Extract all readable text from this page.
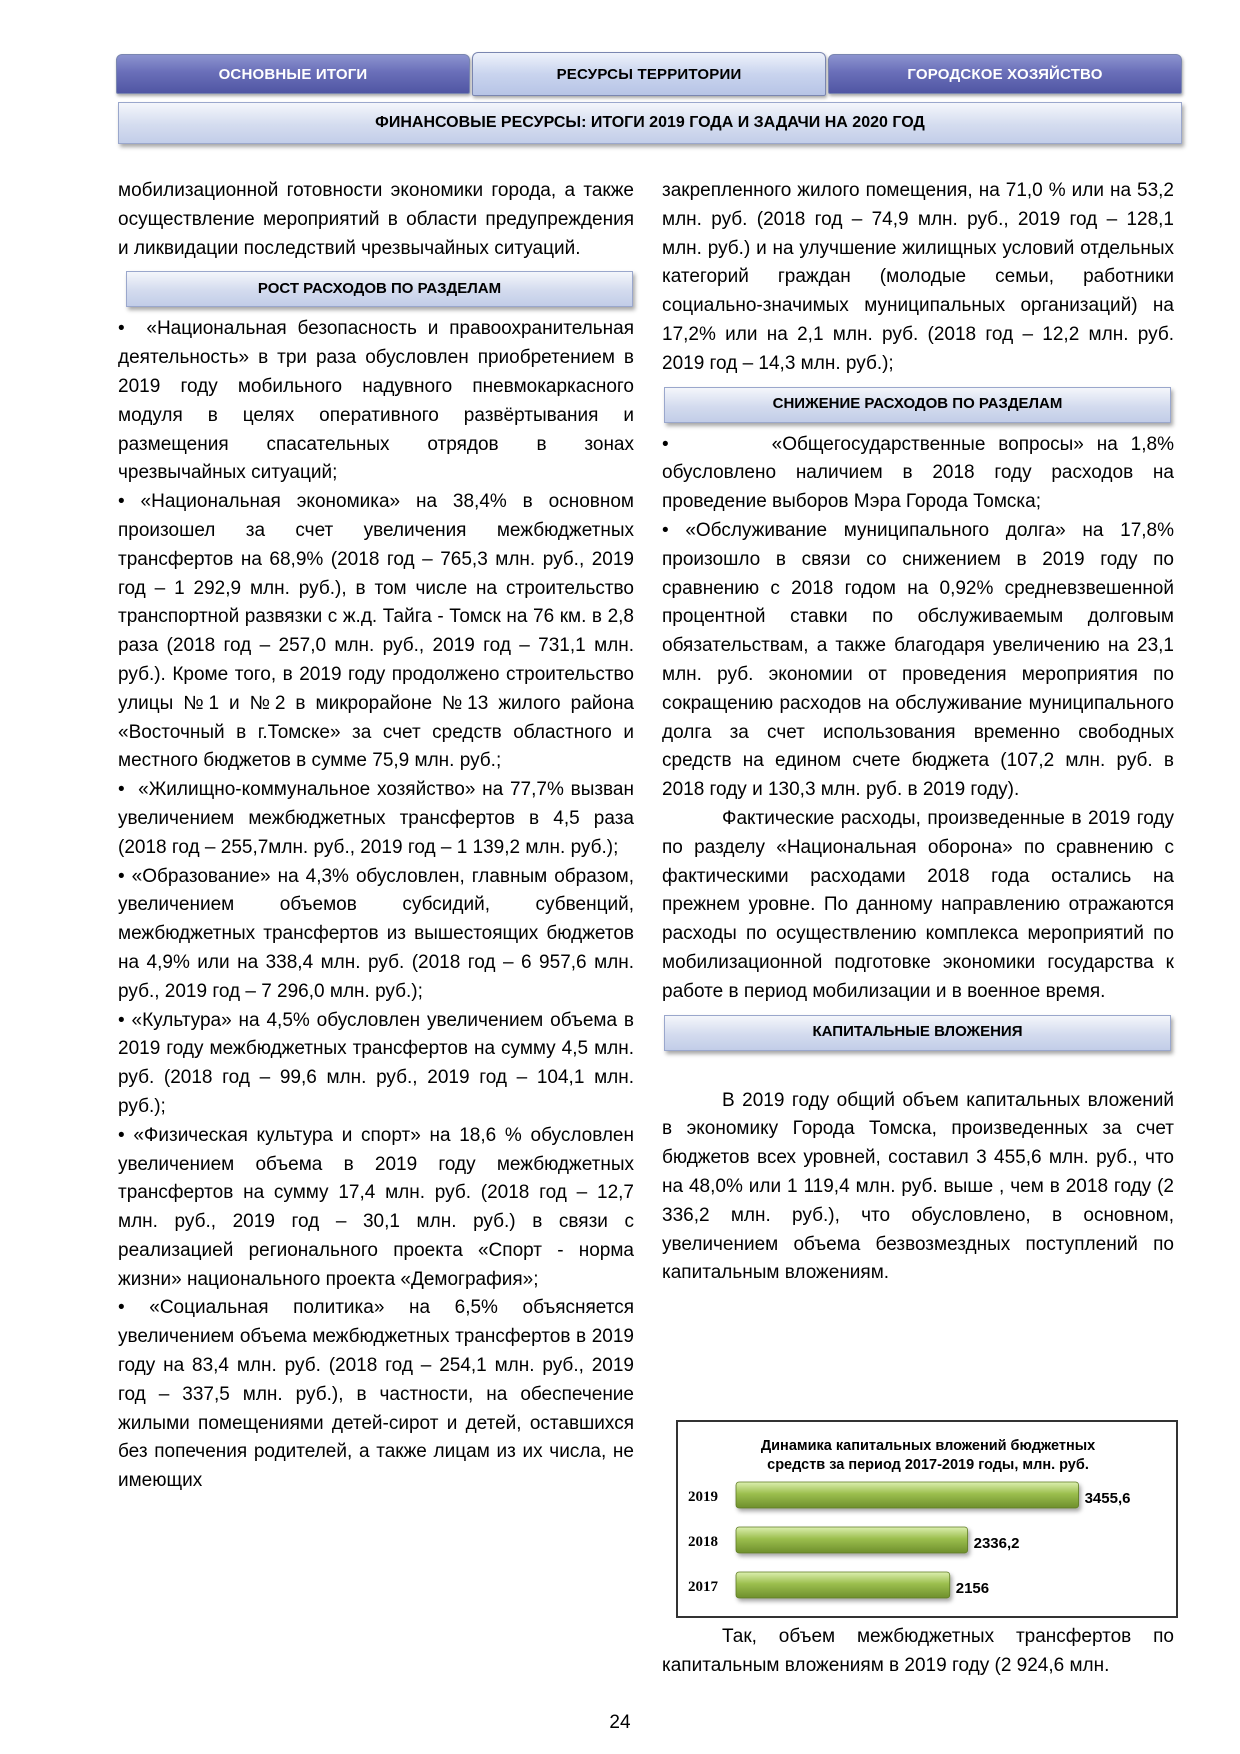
ОСНОВНЫЕ ИТОГИ	РЕСУРСЫ ТЕРРИТОРИИ	ГОРОДСКОЕ ХОЗЯЙСТВО
ФИНАНСОВЫЕ РЕСУРСЫ: ИТОГИ 2019 ГОДА И ЗАДАЧИ НА 2020 ГОД

мобилизационной готовности экономики города, а также осуществление мероприятий в области предупреждения и ликвидации последствий чрезвычайных ситуаций.

РОСТ РАСХОДОВ ПО РАЗДЕЛАМ

•  «Национальная безопасность и правоохранительная деятельность» в три раза обусловлен приобретением в 2019 году мобильного надувного пневмокаркасного модуля в целях оперативного развёртывания и размещения спасательных отрядов в зонах чрезвычайных ситуаций;

• «Национальная экономика» на 38,4% в основном произошел за счет увеличения межбюджетных трансфертов на 68,9% (2018 год – 765,3 млн. руб., 2019 год – 1 292,9 млн. руб.), в том числе на строительство транспортной развязки с ж.д. Тайга - Томск на 76 км. в 2,8 раза (2018 год – 257,0 млн. руб., 2019 год – 731,1 млн. руб.). Кроме того, в 2019 году продолжено строительство улицы №1 и №2 в микрорайоне №13 жилого района «Восточный в г.Томске» за счет средств областного и местного бюджетов в сумме 75,9 млн. руб.;

•  «Жилищно-коммунальное хозяйство» на 77,7% вызван увеличением межбюджетных трансфертов в 4,5 раза (2018 год – 255,7млн. руб., 2019 год – 1 139,2 млн. руб.);

• «Образование» на 4,3% обусловлен, главным образом, увеличением объемов субсидий, субвенций, межбюджетных трансфертов из вышестоящих бюджетов на 4,9% или на 338,4 млн. руб. (2018 год – 6 957,6 млн. руб., 2019 год – 7 296,0 млн. руб.);

• «Культура» на 4,5% обусловлен увеличением объема в 2019 году межбюджетных трансфертов на сумму 4,5 млн. руб. (2018 год – 99,6 млн. руб., 2019 год – 104,1 млн. руб.);

• «Физическая культура и спорт» на 18,6 % обусловлен увеличением объема в 2019 году межбюджетных трансфертов на сумму 17,4 млн. руб. (2018 год – 12,7 млн. руб., 2019 год – 30,1 млн. руб.) в связи с реализацией регионального проекта «Спорт - норма жизни» национального проекта «Демография»;

• «Социальная политика» на 6,5% объясняется увеличением объема межбюджетных трансфертов в 2019 году на 83,4 млн. руб. (2018 год – 254,1 млн. руб., 2019 год – 337,5 млн. руб.), в частности, на обеспечение жилыми помещениями детей-сирот и детей, оставшихся без попечения родителей, а также лицам из их числа, не имеющих

закрепленного жилого помещения, на 71,0 % или на 53,2 млн. руб. (2018 год – 74,9 млн. руб., 2019 год – 128,1 млн. руб.) и на улучшение жилищных условий отдельных категорий граждан (молодые семьи, работники социально-значимых муниципальных организаций) на 17,2% или на 2,1 млн. руб. (2018 год – 12,2 млн. руб. 2019 год – 14,3 млн. руб.);

СНИЖЕНИЕ РАСХОДОВ ПО РАЗДЕЛАМ

•        «Общегосударственные вопросы» на 1,8% обусловлено наличием в 2018 году расходов на проведение выборов Мэра Города Томска;

• «Обслуживание муниципального долга» на 17,8% произошло в связи со снижением в 2019 году по сравнению с 2018 годом на 0,92% средневзвешенной процентной ставки по обслуживаемым долговым обязательствам, а также благодаря увеличению на 23,1 млн. руб. экономии от проведения мероприятия по сокращению расходов на обслуживание муниципального долга за счет использования временно свободных средств на едином счете бюджета (107,2 млн. руб. в 2018 году и 130,3 млн. руб. в 2019 году).

Фактические расходы, произведенные в 2019 году по разделу «Национальная оборона» по сравнению с фактическими расходами 2018 года остались на прежнем уровне. По данному направлению отражаются расходы по осуществлению комплекса мероприятий по мобилизационной подготовке экономики государства к работе в период мобилизации и в военное время.

КАПИТАЛЬНЫЕ ВЛОЖЕНИЯ

В 2019 году общий объем капитальных вложений в экономику Города Томска, произведенных за счет бюджетов всех уровней, составил 3 455,6 млн. руб., что на 48,0% или 1 119,4 млн. руб. выше , чем в 2018 году (2 336,2 млн. руб.), что обусловлено, в основном, увеличением объема безвозмездных поступлений по капитальным вложениям.

Динамика капитальных вложений бюджетных
средств за период 2017-2019 годы, млн. руб.
2019	3455,6
2018	2336,2
2017	2156

Так, объем межбюджетных трансфертов по капитальным вложениям в 2019 году (2 924,6 млн.

24
